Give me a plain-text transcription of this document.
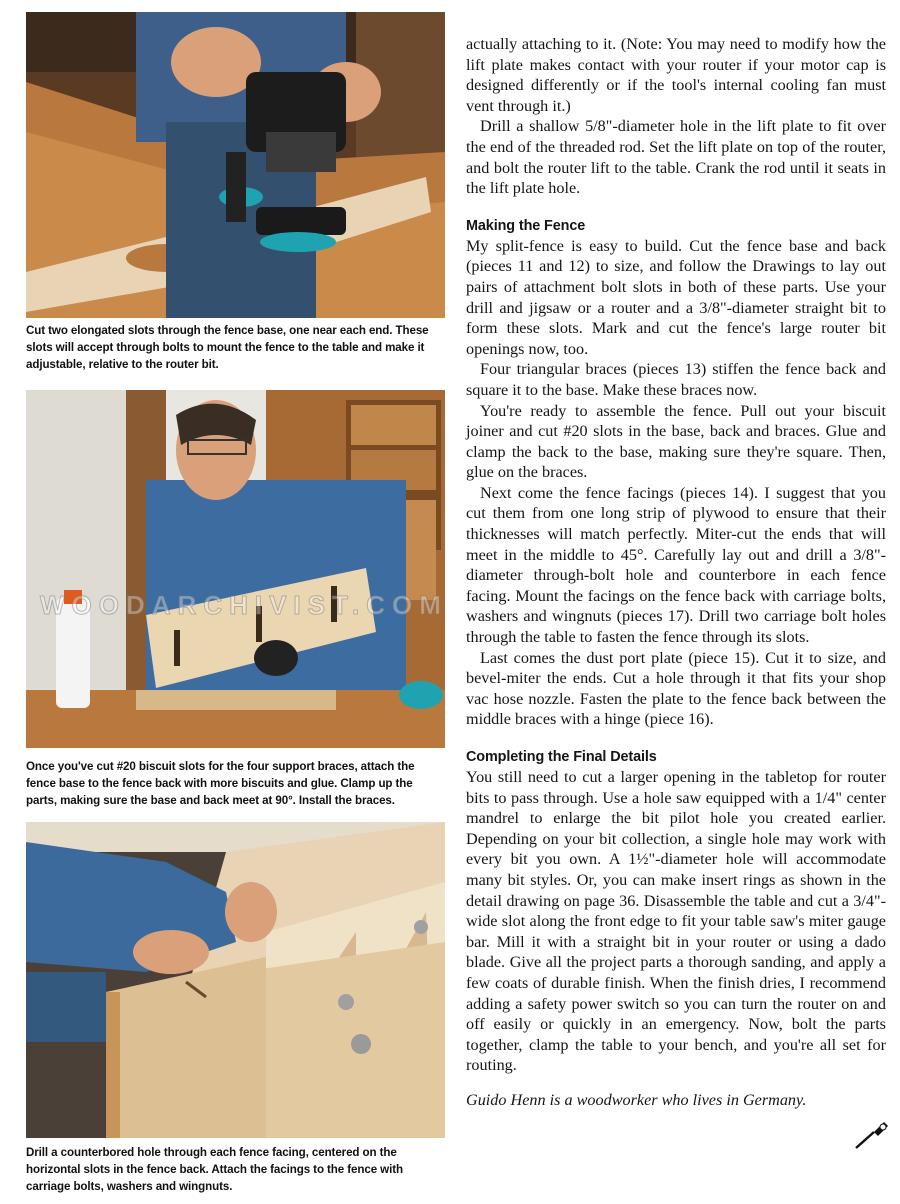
Cut two elongated slots through the fence base, one near each end. These slots will accept through bolts to mount the fence to the table and make it adjustable, relative to the router bit.
Once you've cut #20 biscuit slots for the four support braces, attach the fence base to the fence back with more biscuits and glue. Clamp up the parts, making sure the base and back meet at 90°. Install the braces.
Drill a counterbored hole through each fence facing, centered on the horizontal slots in the fence back. Attach the facings to the fence with carriage bolts, washers and wingnuts.

actually attaching to it. (Note: You may need to modify how the lift plate makes contact with your router if your motor cap is designed differently or if the tool's internal cooling fan must vent through it.)

Drill a shallow 5/8"-diameter hole in the lift plate to fit over the end of the threaded rod. Set the lift plate on top of the router, and bolt the router lift to the table. Crank the rod until it seats in the lift plate hole.

Making the Fence

My split-fence is easy to build. Cut the fence base and back (pieces 11 and 12) to size, and follow the Drawings to lay out pairs of attachment bolt slots in both of these parts. Use your drill and jigsaw or a router and a 3/8"-diameter straight bit to form these slots. Mark and cut the fence's large router bit openings now, too.

Four triangular braces (pieces 13) stiffen the fence back and square it to the base. Make these braces now.

You're ready to assemble the fence. Pull out your biscuit joiner and cut #20 slots in the base, back and braces. Glue and clamp the back to the base, making sure they're square. Then, glue on the braces.

Next come the fence facings (pieces 14). I suggest that you cut them from one long strip of plywood to ensure that their thicknesses will match perfectly. Miter-cut the ends that will meet in the middle to 45°. Carefully lay out and drill a 3/8"-diameter through-bolt hole and counterbore in each fence facing. Mount the facings on the fence back with carriage bolts, washers and wingnuts (pieces 17). Drill two carriage bolt holes through the table to fasten the fence through its slots.

Last comes the dust port plate (piece 15). Cut it to size, and bevel-miter the ends. Cut a hole through it that fits your shop vac hose nozzle. Fasten the plate to the fence back between the middle braces with a hinge (piece 16).

Completing the Final Details

You still need to cut a larger opening in the tabletop for router bits to pass through. Use a hole saw equipped with a 1/4" center mandrel to enlarge the bit pilot hole you created earlier. Depending on your bit collection, a single hole may work with every bit you own. A 1½"-diameter hole will accommodate many bit styles. Or, you can make insert rings as shown in the detail drawing on page 36. Disassemble the table and cut a 3/4"-wide slot along the front edge to fit your table saw's miter gauge bar. Mill it with a straight bit in your router or using a dado blade. Give all the project parts a thorough sanding, and apply a few coats of durable finish. When the finish dries, I recommend adding a safety power switch so you can turn the router on and off easily or quickly in an emergency. Now, bolt the parts together, clamp the table to your bench, and you're all set for routing.

Guido Henn is a woodworker who lives in Germany.

WOODARCHIVIST.COM
